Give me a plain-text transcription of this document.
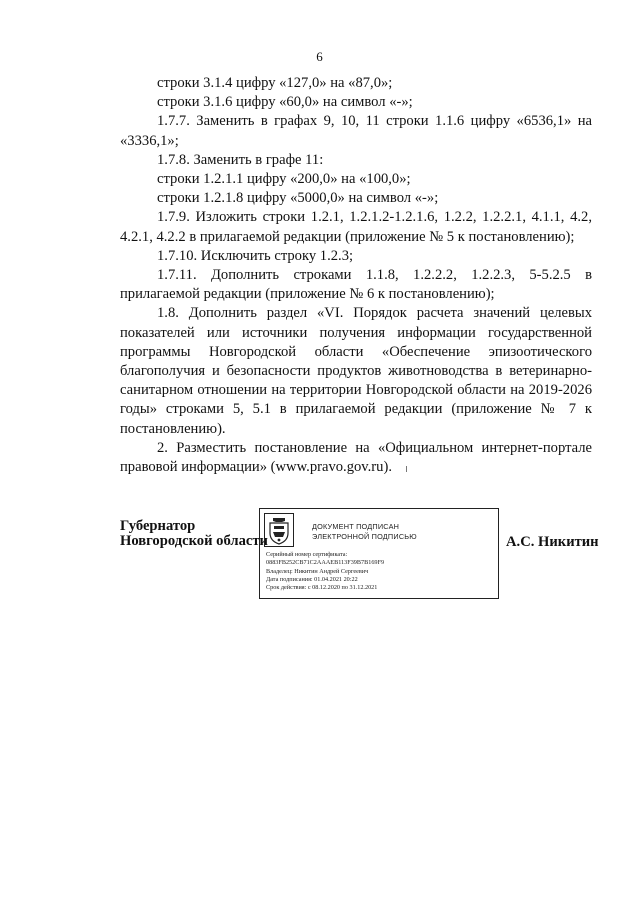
6

строки 3.1.4 цифру «127,0» на «87,0»;

строки 3.1.6 цифру «60,0» на символ «-»;

1.7.7. Заменить в графах 9, 10, 11 строки 1.1.6 цифру «6536,1» на «3336,1»;

1.7.8. Заменить в графе 11:

строки 1.2.1.1 цифру «200,0» на «100,0»;

строки 1.2.1.8 цифру «5000,0» на символ «-»;

1.7.9. Изложить строки 1.2.1, 1.2.1.2-1.2.1.6, 1.2.2, 1.2.2.1, 4.1.1, 4.2, 4.2.1, 4.2.2 в прилагаемой редакции (приложение № 5 к постановлению);

1.7.10. Исключить строку 1.2.3;

1.7.11. Дополнить строками 1.1.8, 1.2.2.2, 1.2.2.3, 5-5.2.5 в прилагаемой редакции (приложение № 6 к постановлению);

1.8. Дополнить раздел «VI. Порядок расчета значений целевых показателей или источники получения информации государственной программы Новгородской области «Обеспечение эпизоотического благополучия и безопасности продуктов животноводства в ветеринарно-санитарном отношении на территории Новгородской области на 2019-2026 годы» строками 5, 5.1 в прилагаемой редакции (приложение № 7 к постановлению).

2. Разместить постановление на «Официальном интернет-портале правовой информации» (www.pravo.gov.ru).

Губернатор
Новгородской области
ДОКУМЕНТ ПОДПИСАН
ЭЛЕКТРОННОЙ ПОДПИСЬЮ
Серийный номер сертификата:
0883FB252CB71C2AAAEB113F39B7B169F9
Владелец: Никитин Андрей Сергеевич
Дата подписания: 01.04.2021 20:22
Срок действия: с 08.12.2020 по 31.12.2021
А.С. Никитин
